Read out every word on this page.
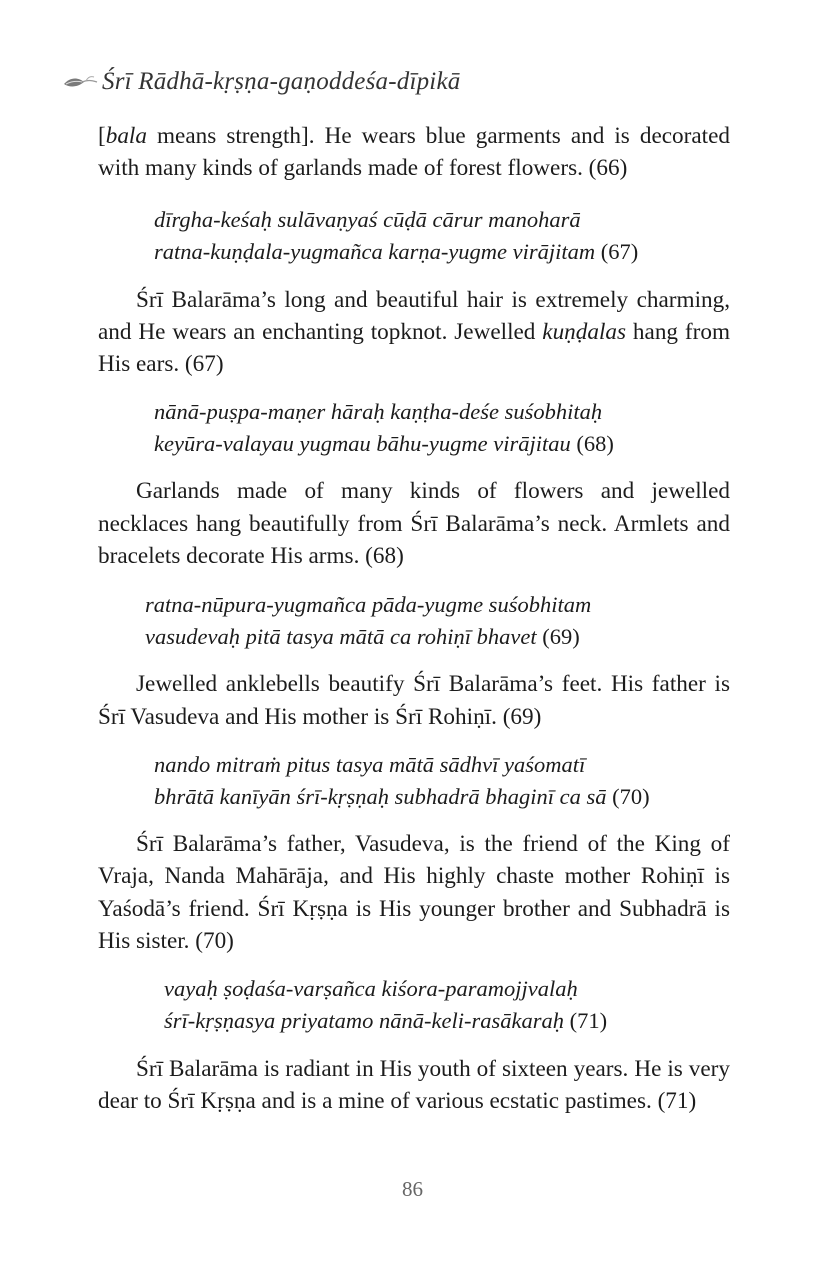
Śrī Rādhā-kṛṣṇa-gaṇoddeśa-dīpikā

[bala means strength]. He wears blue garments and is decorated with many kinds of garlands made of forest flowers. (66)

dīrgha-keśaḥ sulāvaṇyaś cūḍā cārur manoharā
ratna-kuṇḍala-yugmañca karṇa-yugme virājitam (67)

Śrī Balarāma’s long and beautiful hair is extremely charming, and He wears an enchanting topknot. Jewelled kuṇḍalas hang from His ears. (67)

nānā-puṣpa-maṇer hāraḥ kaṇṭha-deśe suśobhitaḥ
keyūra-valayau yugmau bāhu-yugme virājitau (68)

Garlands made of many kinds of flowers and jewelled necklaces hang beautifully from Śrī Balarāma’s neck. Armlets and bracelets decorate His arms. (68)

ratna-nūpura-yugmañca pāda-yugme suśobhitam
vasudevaḥ pitā tasya mātā ca rohiṇī bhavet (69)

Jewelled anklebells beautify Śrī Balarāma’s feet. His father is Śrī Vasudeva and His mother is Śrī Rohiṇī. (69)

nando mitraṁ pitus tasya mātā sādhvī yaśomatī
bhrātā kanīyān śrī-kṛṣṇaḥ subhadrā bhaginī ca sā (70)

Śrī Balarāma’s father, Vasudeva, is the friend of the King of Vraja, Nanda Mahārāja, and His highly chaste mother Rohiṇī is Yaśodā’s friend. Śrī Kṛṣṇa is His younger brother and Subhadrā is His sister. (70)

vayaḥ ṣoḍaśa-varṣañca kiśora-paramojjvalaḥ
śrī-kṛṣṇasya priyatamo nānā-keli-rasākaraḥ (71)

Śrī Balarāma is radiant in His youth of sixteen years. He is very dear to Śrī Kṛṣṇa and is a mine of various ecstatic pastimes. (71)

86
